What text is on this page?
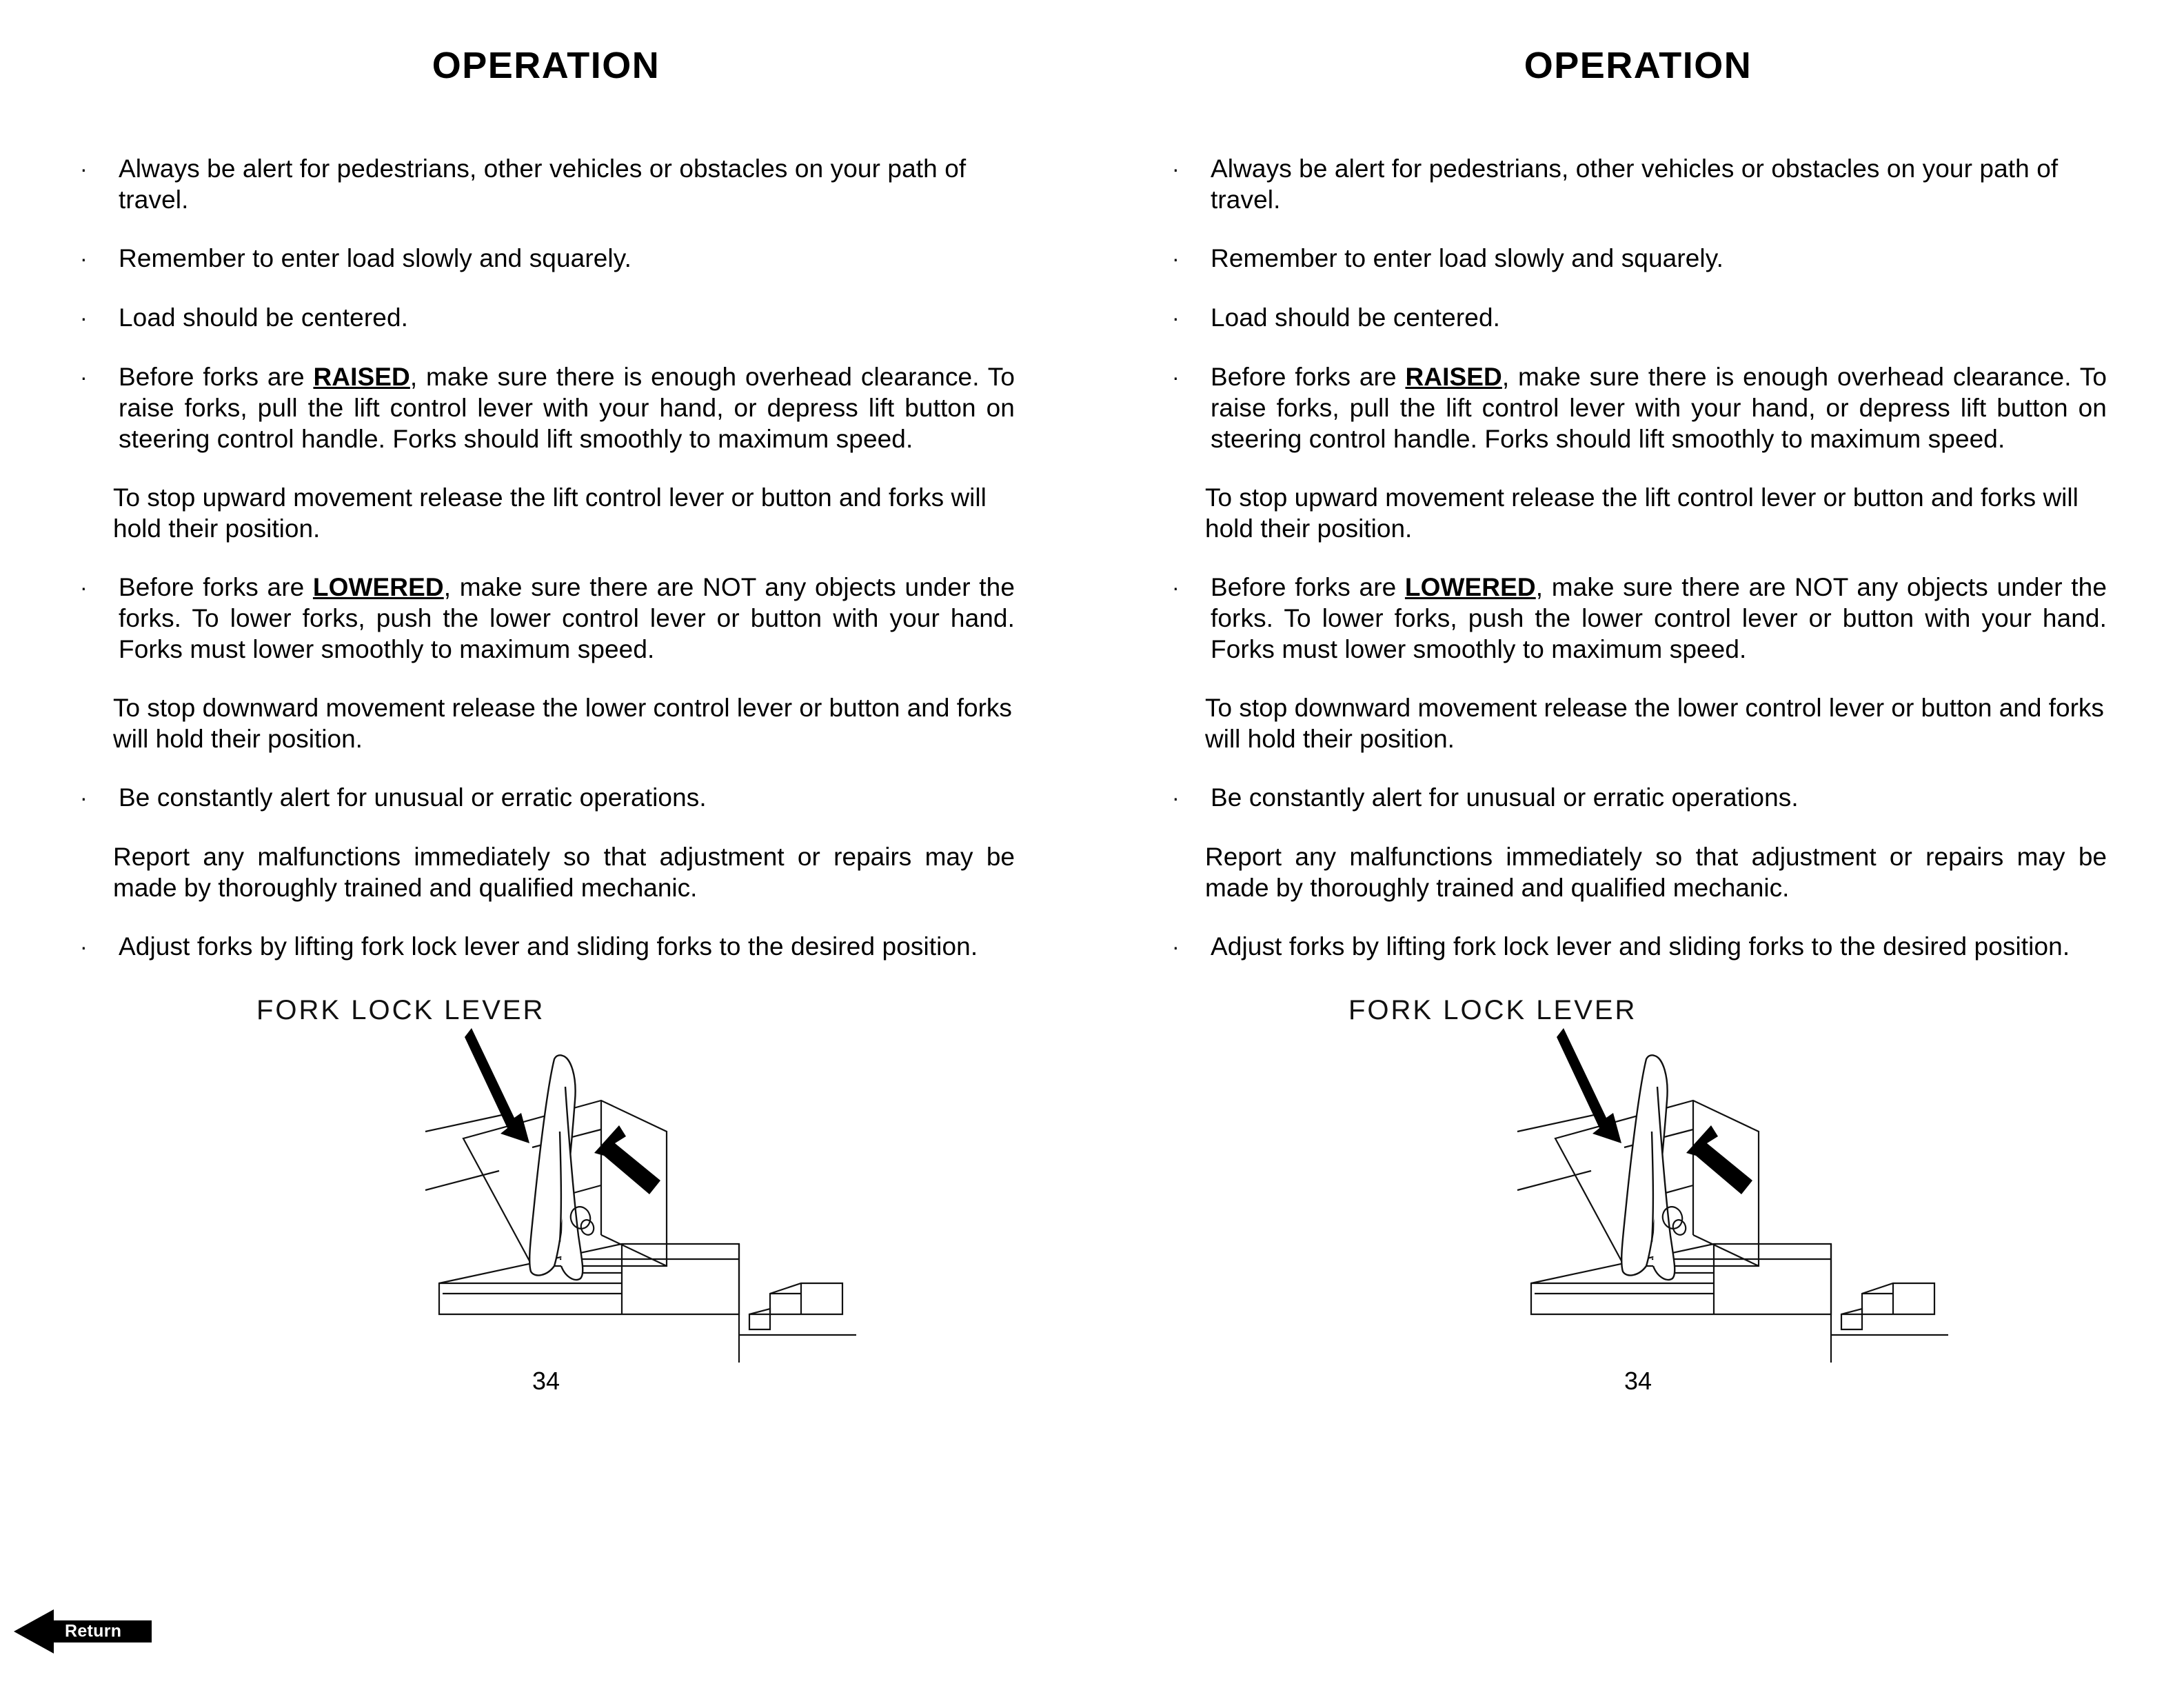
OPERATION
·	Always be alert for pedestrians, other vehicles or obstacles on your path of travel.
·	Remember to enter load slowly and squarely.
·	Load should be centered.
·	Before forks are RAISED, make sure there is enough overhead clearance. To raise forks, pull the lift control lever with your hand, or depress lift button on steering control handle. Forks should lift smoothly to maximum speed.

To stop upward movement release the lift control lever or button and forks will hold their position.

·	Before forks are LOWERED, make sure there are NOT any objects under the forks. To lower forks, push the lower control lever or button with your hand. Forks must lower smoothly to maximum speed.

To stop downward movement release the lower control lever or button and forks will hold their position.

·	Be constantly alert for unusual or erratic operations.

Report any malfunctions immediately so that adjustment or repairs may be made by thoroughly trained and qualified mechanic.

·	Adjust forks by lifting fork lock lever and sliding forks to the desired position.
FORK LOCK LEVER
34
OPERATION
·	Always be alert for pedestrians, other vehicles or obstacles on your path of travel.
·	Remember to enter load slowly and squarely.
·	Load should be centered.
·	Before forks are RAISED, make sure there is enough overhead clearance. To raise forks, pull the lift control lever with your hand, or depress lift button on steering control handle. Forks should lift smoothly to maximum speed.

To stop upward movement release the lift control lever or button and forks will hold their position.

·	Before forks are LOWERED, make sure there are NOT any objects under the forks. To lower forks, push the lower control lever or button with your hand. Forks must lower smoothly to maximum speed.

To stop downward movement release the lower control lever or button and forks will hold their position.

·	Be constantly alert for unusual or erratic operations.

Report any malfunctions immediately so that adjustment or repairs may be made by thoroughly trained and qualified mechanic.

·	Adjust forks by lifting fork lock lever and sliding forks to the desired position.
FORK LOCK LEVER
34
Return
